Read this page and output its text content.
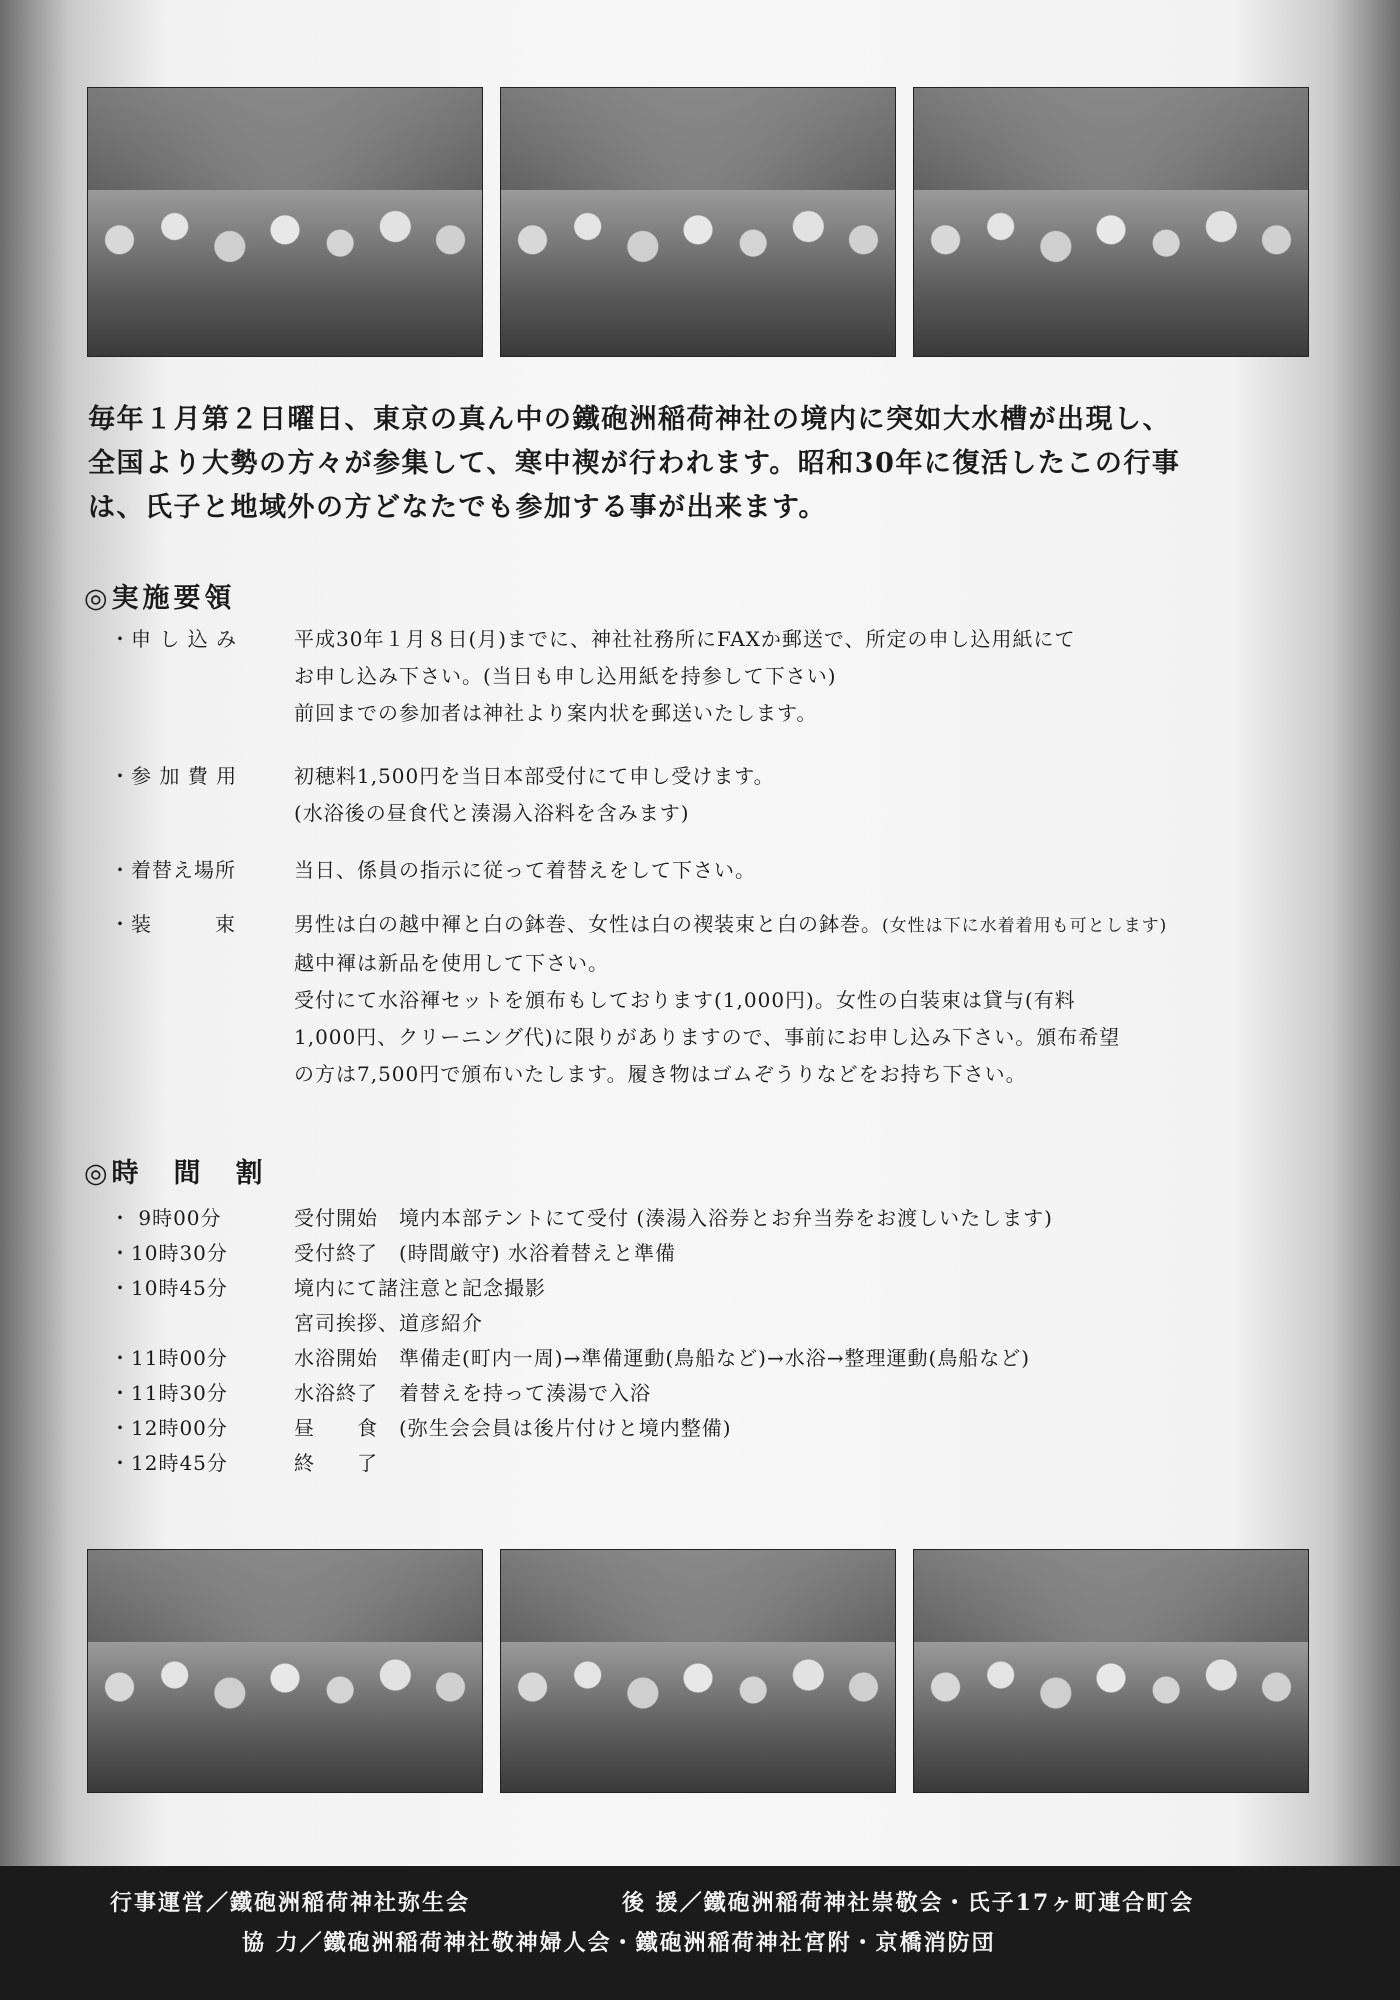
毎年１月第２日曜日、東京の真ん中の鐵砲洲稲荷神社の境内に突如大水槽が出現し、
全国より大勢の方々が参集して、寒中禊が行われます。昭和30年に復活したこの行事
は、氏子と地域外の方どなたでも参加する事が出来ます。

◎実施要領
・申 し 込 み	平成30年１月８日(月)までに、神社社務所にFAXか郵送で、所定の申し込用紙にて
お申し込み下さい。(当日も申し込用紙を持参して下さい)
前回までの参加者は神社より案内状を郵送いたします。
・参 加 費 用	初穂料1,500円を当日本部受付にて申し受けます。
(水浴後の昼食代と湊湯入浴料を含みます)
・着替え場所	当日、係員の指示に従って着替えをして下さい。
・装　　　束	男性は白の越中褌と白の鉢巻、女性は白の禊装束と白の鉢巻。(女性は下に水着着用も可とします)
越中褌は新品を使用して下さい。
受付にて水浴褌セットを頒布もしております(1,000円)。女性の白装束は貸与(有料
1,000円、クリーニング代)に限りがありますので、事前にお申し込み下さい。頒布希望
の方は7,500円で頒布いたします。履き物はゴムぞうりなどをお持ち下さい。
◎時　間　割
・ 9時00分	受付開始　境内本部テントにて受付 (湊湯入浴券とお弁当券をお渡しいたします)
・10時30分	受付終了　(時間厳守) 水浴着替えと準備
・10時45分	境内にて諸注意と記念撮影
宮司挨拶、道彦紹介
・11時00分	水浴開始　準備走(町内一周)→準備運動(鳥船など)→水浴→整理運動(鳥船など)
・11時30分	水浴終了　着替えを持って湊湯で入浴
・12時00分	昼　　食　(弥生会会員は後片付けと境内整備)
・12時45分	終　　了
行事運営／鐵砲洲稲荷神社弥生会	後 援／鐵砲洲稲荷神社崇敬会・氏子17ヶ町連合町会
協 力／鐵砲洲稲荷神社敬神婦人会・鐵砲洲稲荷神社宮附・京橋消防団
